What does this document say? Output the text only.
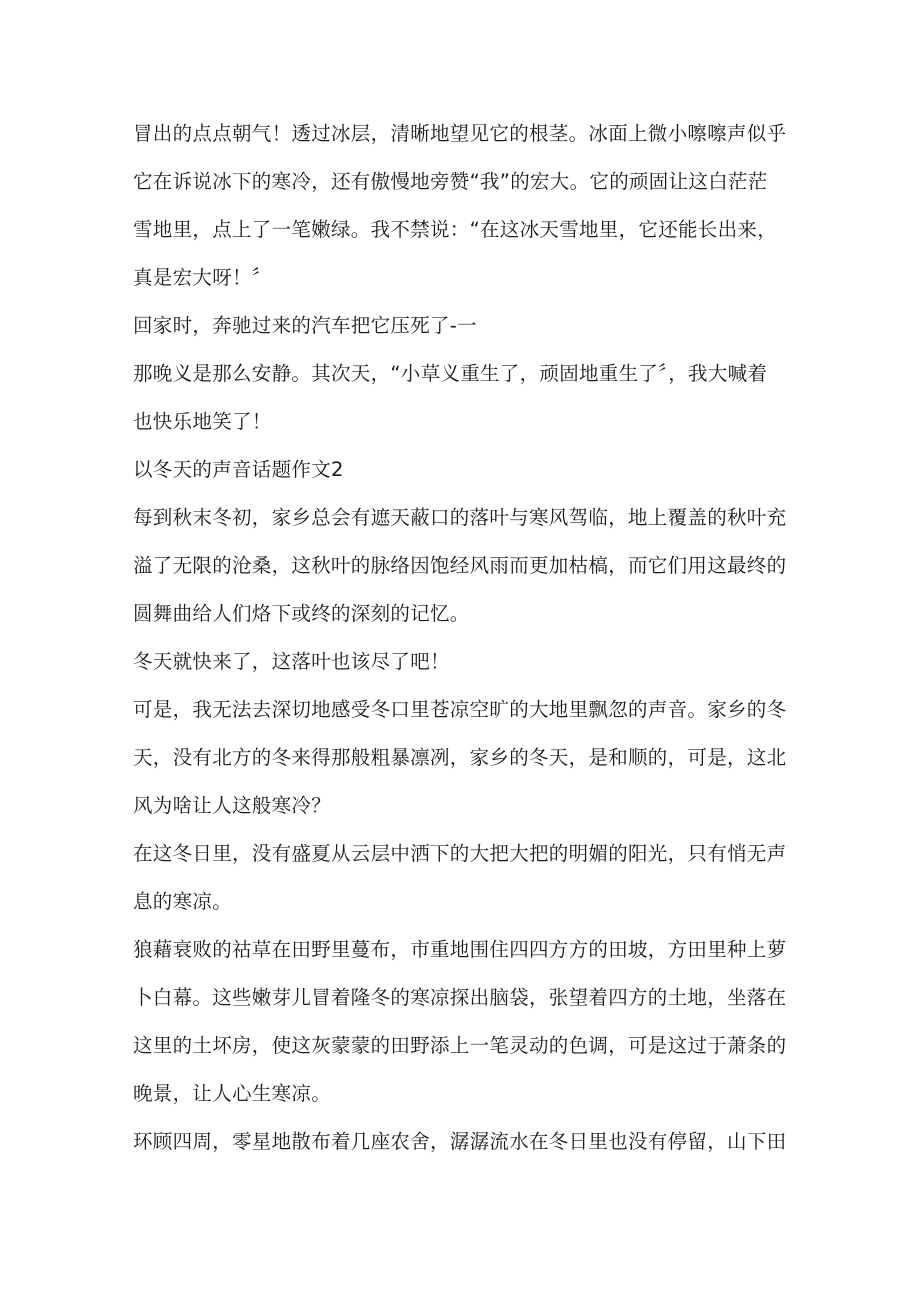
冒出的点点朝气！透过冰层，清晰地望见它的根茎。冰面上微小嚓嚓声似乎
它在诉说冰下的寒冷，还有傲慢地旁赞“我”的宏大。它的顽固让这白茫茫
雪地里，点上了一笔嫩绿。我不禁说：“在这冰天雪地里，它还能长出来，
真是宏大呀！〞
回家时，奔驰过来的汽车把它压死了-一
那晚义是那么安静。其次天，“小草义重生了，顽固地重生了〞，我大喊着
也快乐地笑了！
以冬天的声音话题作文2
每到秋末冬初，家乡总会有遮天蔽口的落叶与寒风驾临，地上覆盖的秋叶充
溢了无限的沧桑，这秋叶的脉络因饱经风雨而更加枯槁，而它们用这最终的
圆舞曲给人们烙下或终的深刻的记忆。
冬天就快来了，这落叶也该尽了吧！
可是，我无法去深切地感受冬口里苍凉空旷的大地里飘忽的声音。家乡的冬
天，没有北方的冬来得那般粗暴凛冽，家乡的冬天，是和顺的，可是，这北
风为啥让人这般寒冷？
在这冬日里，没有盛夏从云层中洒下的大把大把的明媚的阳光，只有悄无声
息的寒凉。
狼藉衰败的祜草在田野里蔓布，市重地围住四四方方的田坡，方田里种上萝
卜白幕。这些嫩芽儿冒着隆冬的寒凉探出脑袋，张望着四方的土地，坐落在
这里的土坏房，使这灰蒙蒙的田野添上一笔灵动的色调，可是这过于萧条的
晚景，让人心生寒凉。
环顾四周，零星地散布着几座农舍，潺潺流水在冬日里也没有停留，山下田
